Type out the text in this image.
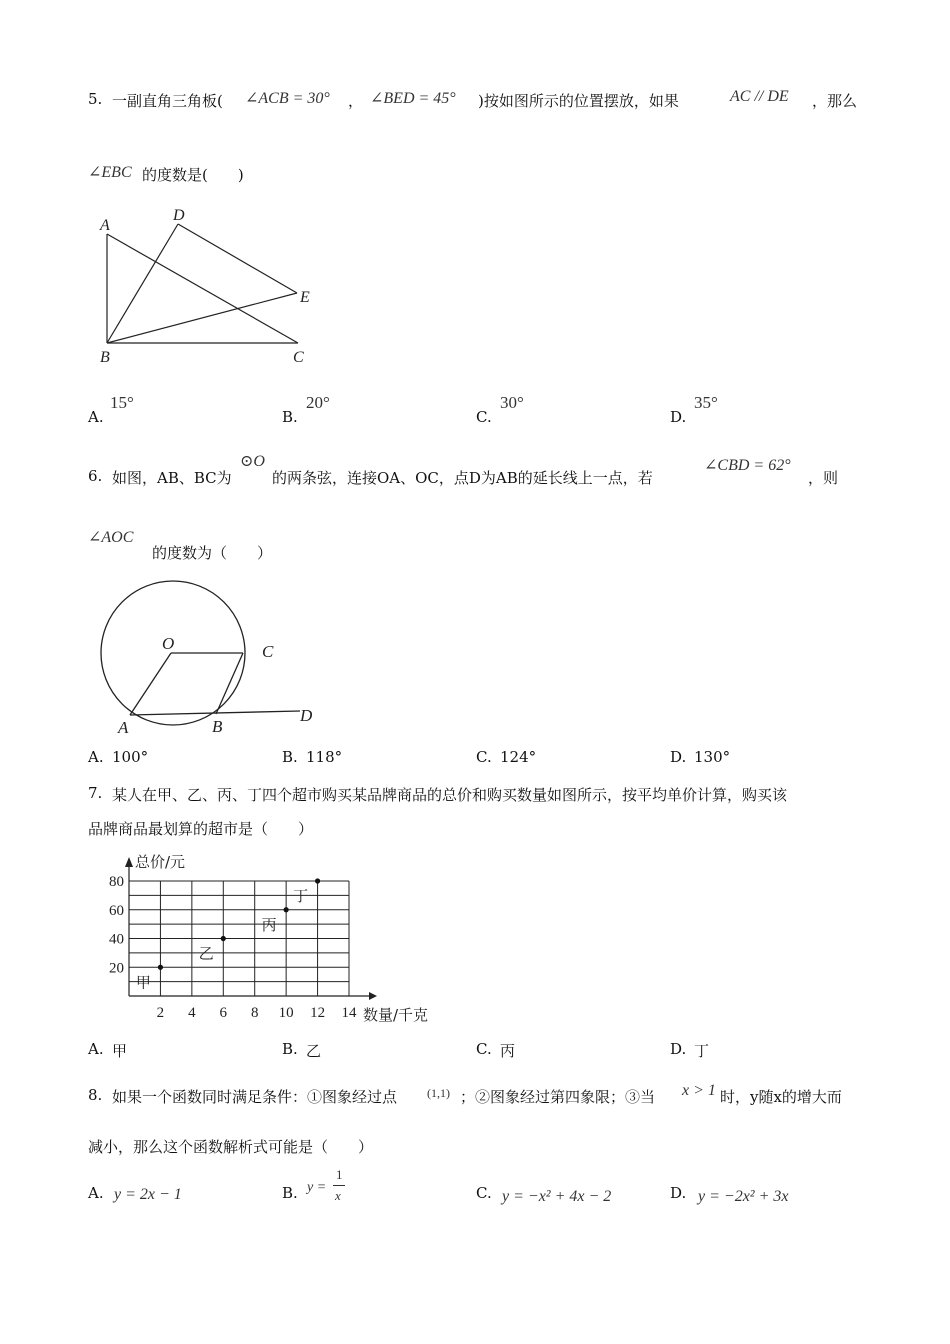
5. 一副直角三角板( ∠ACB = 30° ， ∠BED = 45° )按如图所示的位置摆放，如果	AC // DE ，那么
∠EBC 的度数是(　　)
A
D
E
B	C
A.
15°
B.
20°
C.
30°
D.
35°
6. 如图，AB、BC为
⊙O
的两条弦，连接OA、OC，点D为AB的延长线上一点，若
∠CBD = 62°
，则
∠AOC
的度数为（　　）
O	C
A	B
D
A. 100°	B. 118°	C. 124°	D. 130°
7. 某人在甲、乙、丙、丁四个超市购买某品牌商品的总价和购买数量如图所示，按平均单价计算，购买该
品牌商品最划算的超市是（　　）
2 4 6 8 10 12 14
20
40
60
80
甲
乙
丙
丁
总价/元
数量/千克
A. 甲	B. 乙	C. 丙	D. 丁
8. 如果一个函数同时满足条件：①图象经过点 (1,1) ；②图象经过第四象限；③当 x > 1 时，y随x的增大而
减小，那么这个函数解析式可能是（　　）
A. y = 2x − 1	B. y =
1
x	C. y = −x² + 4x − 2	D. y = −2x² + 3x
